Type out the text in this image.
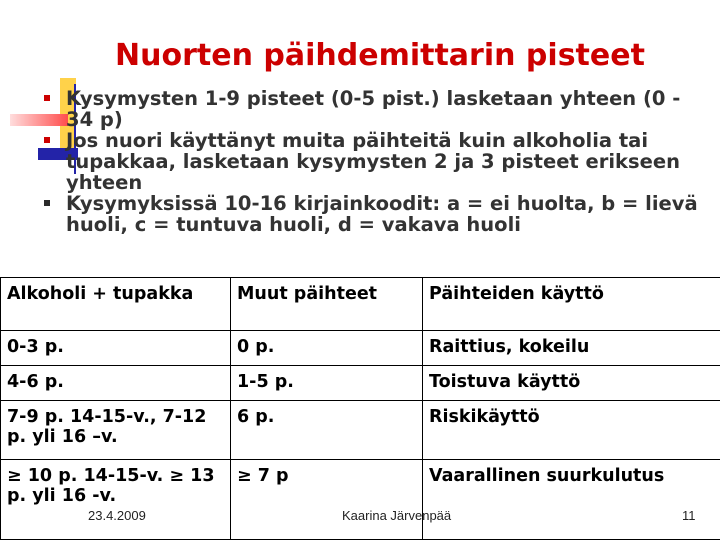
Nuorten päihdemittarin pisteet
Kysymysten 1-9 pisteet (0-5 pist.) lasketaan yhteen (0 - 34 p)
Jos nuori käyttänyt muita päihteitä kuin alkoholia tai tupakkaa, lasketaan kysymysten 2 ja 3 pisteet erikseen yhteen
Kysymyksissä 10-16 kirjainkoodit: a = ei huolta, b = lievä huoli, c = tuntuva huoli, d = vakava huoli
Alkoholi + tupakka	Muut päihteet	Päihteiden käyttö
0-3 p.	0 p.	Raittius, kokeilu
4-6 p.	1-5 p.	Toistuva käyttö
7-9 p. 14-15-v., 7-12 p. yli 16 –v.	6 p.	Riskikäyttö
≥ 10 p. 14-15-v. ≥ 13 p. yli 16 -v.	≥ 7 p	Vaarallinen suurkulutus
23.4.2009	Kaarina Järvenpää	11
